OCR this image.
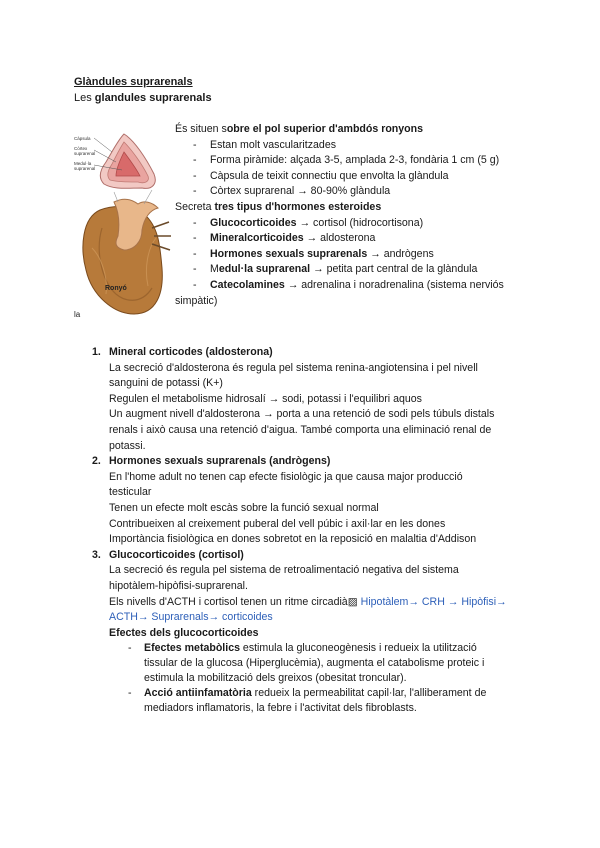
Glàndules suprarenals
Les glandules suprarenals
Càpsula
Còrtex suprarenal
Medul·la suprarenal
Ronyó
la
És situen sobre el pol superior d'ambdós ronyons
- Estan molt vascularitzades
- Forma piràmide: alçada 3-5, amplada 2-3, fondària 1 cm (5 g)
- Càpsula de teixit connectiu que envolta la glàndula
- Còrtex suprarenal → 80-90% glàndula
Secreta tres tipus d'hormones esteroides
- Glucocorticoides → cortisol (hidrocortisona)
- Mineralcorticoides → aldosterona
- Hormones sexuals suprarenals → andrògens
- Medul·la suprarenal → petita part central de la glàndula
- Catecolamines → adrenalina i noradrenalina (sistema nerviós
simpàtic)
1. Mineral corticodes (aldosterona)
La secreció d'aldosterona és regula pel sistema renina-angiotensina i pel nivell
sanguini de potassi (K+)
Regulen el metabolisme hidrosalí → sodi, potassi i l'equilibri aquos
Un augment nivell d'aldosterona → porta a una retenció de sodi pels túbuls distals
renals i això causa una retenció d'aigua. També comporta una eliminació renal de
potassi.
2. Hormones sexuals suprarenals (andrògens)
En l'home adult no tenen cap efecte fisiològic ja que causa major producció
testicular
Tenen un efecte molt escàs sobre la funció sexual normal
Contribueixen al creixement puberal del vell púbic i axil·lar en les dones
Importància fisiològica en dones sobretot en la reposició en malaltia d'Addison
3. Glucocorticoides (cortisol)
La secreció és regula pel sistema de retroalimentació negativa del sistema
hipotàlem-hipòfisi-suprarenal.
Els nivells d'ACTH i cortisol tenen un ritme circadià▨ Hipotàlem→ CRH → Hipòfisi→
ACTH→ Suprarenals→ corticoides
Efectes dels glucocorticoides
- Efectes metabòlics estimula la gluconeogènesis i redueix la utilització
tissular de la glucosa (Hiperglucèmia), augmenta el catabolisme proteic i
estimula la mobilització dels greixos (obesitat troncular).
- Acció antiinfamatòria redueix la permeabilitat capil·lar, l'alliberament de
mediadors inflamatoris, la febre i l'activitat dels fibroblasts.
